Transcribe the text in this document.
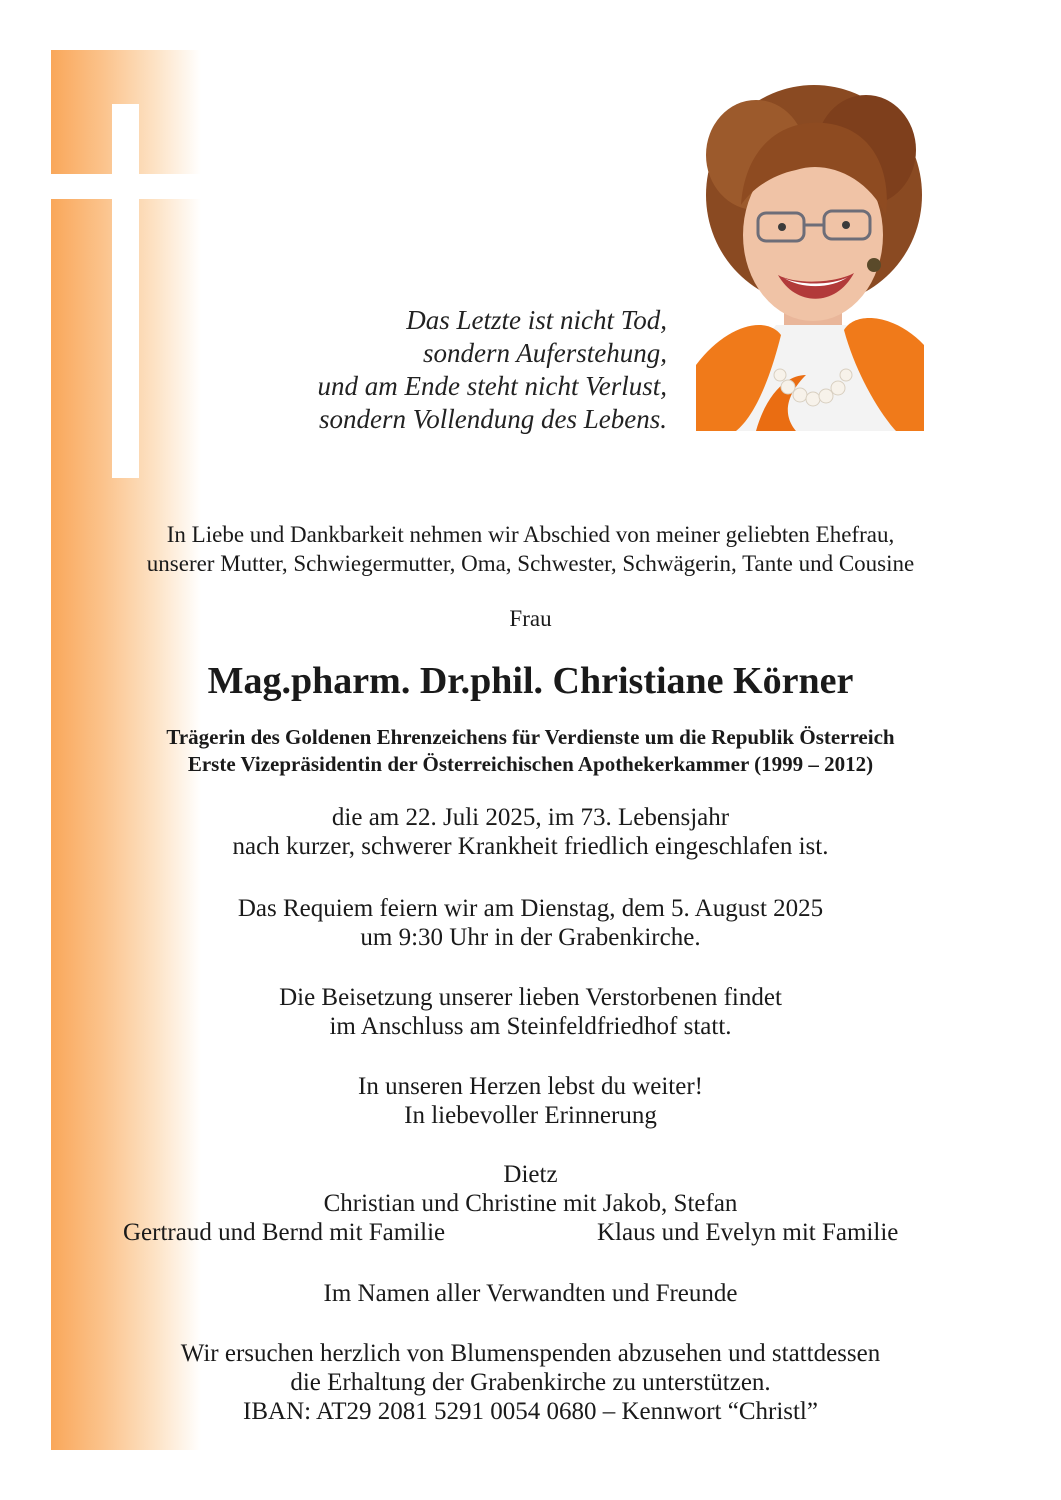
Das Letzte ist nicht Tod,
sondern Auferstehung,
und am Ende steht nicht Verlust,
sondern Vollendung des Lebens.
In Liebe und Dankbarkeit nehmen wir Abschied von meiner geliebten Ehefrau,
unserer Mutter, Schwiegermutter, Oma, Schwester, Schwägerin, Tante und Cousine
Frau
Mag.pharm. Dr.phil. Christiane Körner
Trägerin des Goldenen Ehrenzeichens für Verdienste um die Republik Österreich
Erste Vizepräsidentin der Österreichischen Apothekerkammer (1999 – 2012)
die am 22. Juli 2025, im 73. Lebensjahr
nach kurzer, schwerer Krankheit friedlich eingeschlafen ist.
Das Requiem feiern wir am Dienstag, dem 5. August 2025
um 9:30 Uhr in der Grabenkirche.
Die Beisetzung unserer lieben Verstorbenen findet
im Anschluss am Steinfeldfriedhof statt.
In unseren Herzen lebst du weiter!
In liebevoller Erinnerung
Dietz
Christian und Christine mit Jakob, Stefan
Gertraud und Bernd mit Familie	Klaus und Evelyn mit Familie
Im Namen aller Verwandten und Freunde
Wir ersuchen herzlich von Blumenspenden abzusehen und stattdessen
die Erhaltung der Grabenkirche zu unterstützen.
IBAN: AT29 2081 5291 0054 0680 – Kennwort “Christl”
